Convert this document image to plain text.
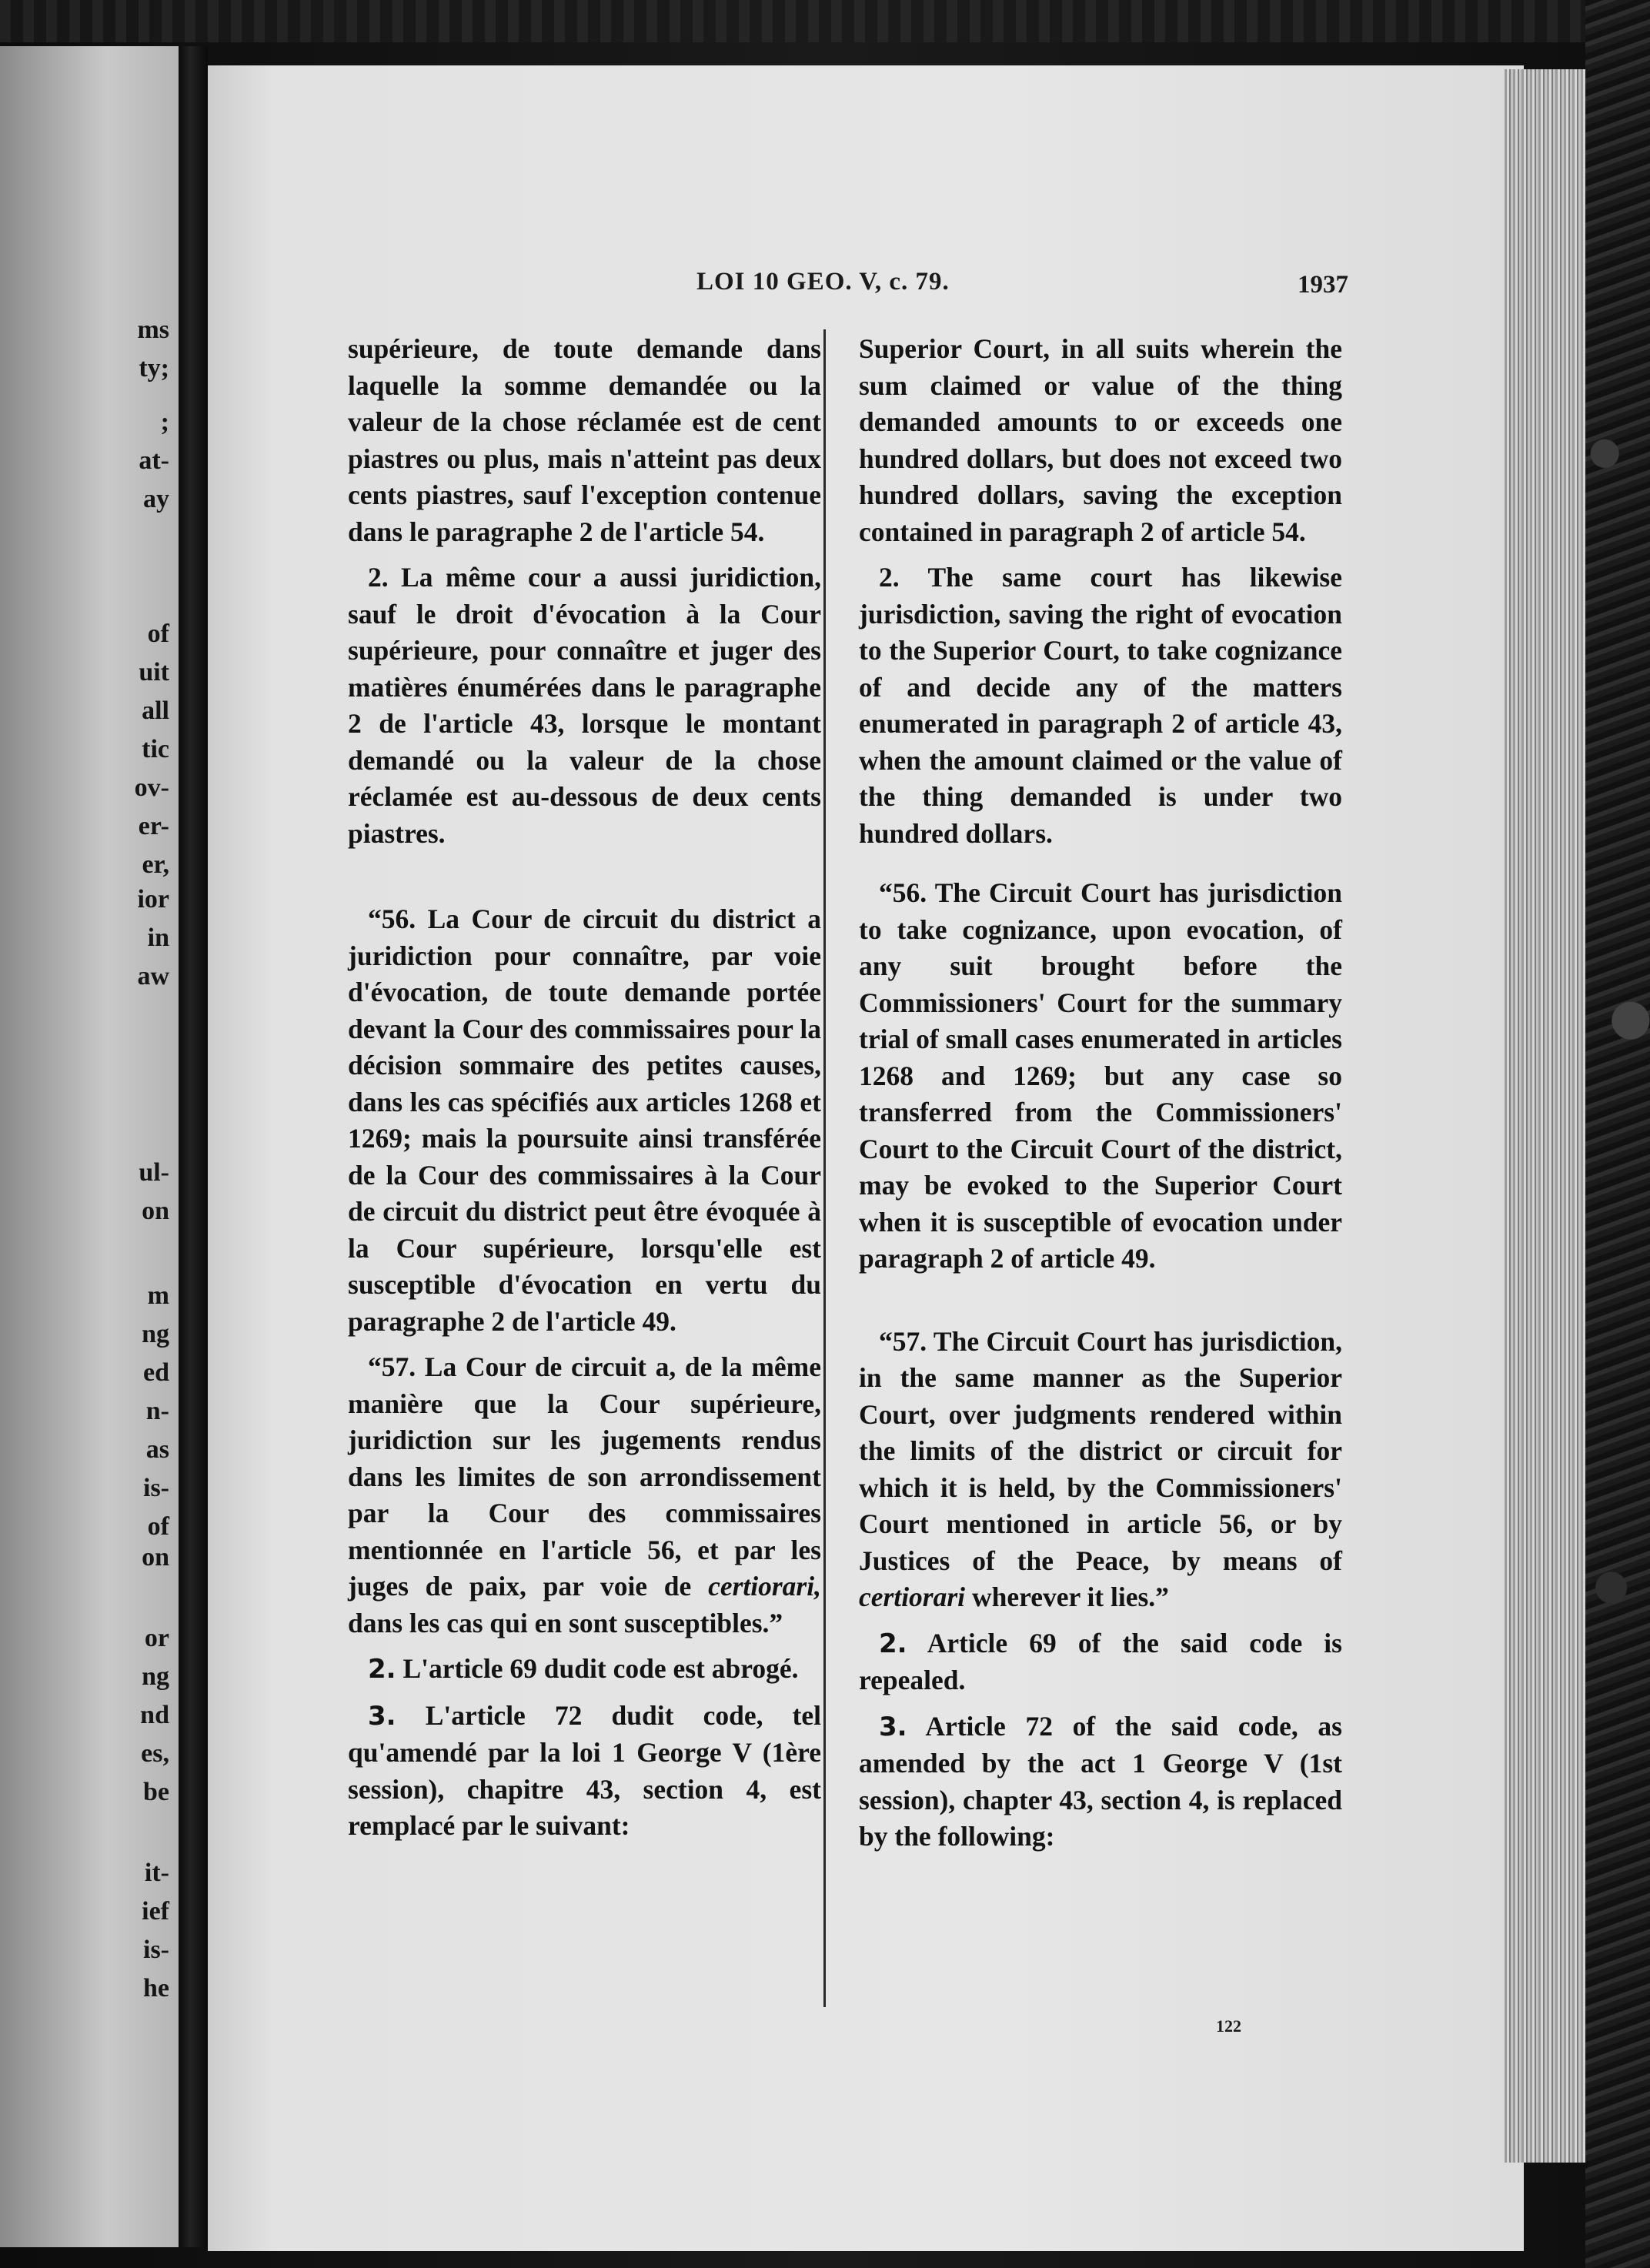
ms
ty;
;
at-
ay
of
uit
all
tic
ov-
er-
er,
ior
in
aw
ul-
on
m
ng
ed
n-
as
is-
of
on
or
ng
nd
es,
be
it-
ief
is-
he
LOI 10 GEO. V, c. 79.	1937

supérieure, de toute demande dans laquelle la somme demandée ou la valeur de la chose réclamée est de cent piastres ou plus, mais n'atteint pas deux cents piastres, sauf l'exception contenue dans le paragraphe 2 de l'article 54.

2. La même cour a aussi juridiction, sauf le droit d'évocation à la Cour supérieure, pour connaître et juger des matières énumérées dans le paragraphe 2 de l'article 43, lorsque le montant demandé ou la valeur de la chose réclamée est au-dessous de deux cents piastres.

“56. La Cour de circuit du district a juridiction pour connaître, par voie d'évocation, de toute demande portée devant la Cour des commissaires pour la décision sommaire des petites causes, dans les cas spécifiés aux articles 1268 et 1269; mais la poursuite ainsi transférée de la Cour des commissaires à la Cour de circuit du district peut être évoquée à la Cour supérieure, lorsqu'elle est susceptible d'évocation en vertu du paragraphe 2 de l'article 49.

“57. La Cour de circuit a, de la même manière que la Cour supérieure, juridiction sur les jugements rendus dans les limites de son arrondissement par la Cour des commissaires mentionnée en l'article 56, et par les juges de paix, par voie de certiorari, dans les cas qui en sont susceptibles.”

2. L'article 69 dudit code est abrogé.

3. L'article 72 dudit code, tel qu'amendé par la loi 1 George V (1ère session), chapitre 43, section 4, est remplacé par le suivant:

Superior Court, in all suits wherein the sum claimed or value of the thing demanded amounts to or exceeds one hundred dollars, but does not exceed two hundred dollars, saving the exception contained in paragraph 2 of article 54.

2. The same court has likewise jurisdiction, saving the right of evocation to the Superior Court, to take cognizance of and decide any of the matters enumerated in paragraph 2 of article 43, when the amount claimed or the value of the thing demanded is under two hundred dollars.

“56. The Circuit Court has jurisdiction to take cognizance, upon evocation, of any suit brought before the Commissioners' Court for the summary trial of small cases enumerated in articles 1268 and 1269; but any case so transferred from the Commissioners' Court to the Circuit Court of the district, may be evoked to the Superior Court when it is susceptible of evocation under paragraph 2 of article 49.

“57. The Circuit Court has jurisdiction, in the same manner as the Superior Court, over judgments rendered within the limits of the district or circuit for which it is held, by the Commissioners' Court mentioned in article 56, or by Justices of the Peace, by means of certiorari wherever it lies.”

2. Article 69 of the said code is repealed.

3. Article 72 of the said code, as amended by the act 1 George V (1st session), chapter 43, section 4, is replaced by the following:

122
